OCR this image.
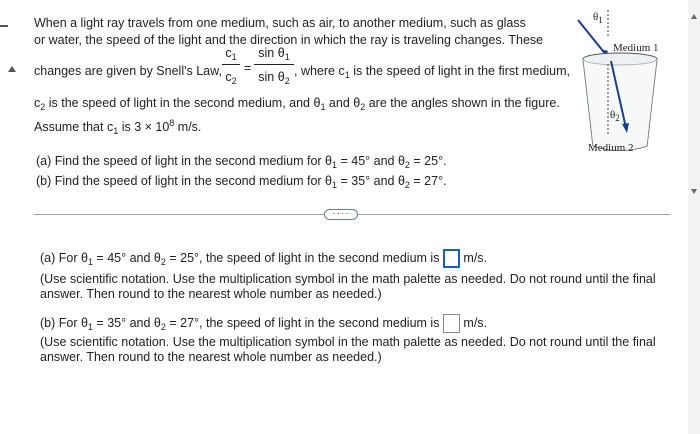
When a light ray travels from one medium, such as air, to another medium, such as glass
or water, the speed of the light and the direction in which the ray is traveling changes. These
changes are given by Snell's Law,
$c_1$
$c_2$
=
$\sin \theta_1$
$\sin \theta_2$
, where $c_1$ is the speed of light in the first medium,
$c_2$ is the speed of light in the second medium, and $\theta_1$ and $\theta_2$ are the angles shown in the figure.
Assume that $c_1$ is $3 \times 10^8$ m/s.
(a) Find the speed of light in the second medium for $\theta_1 = 45^\circ$ and $\theta_2 = 25^\circ$.
(b) Find the speed of light in the second medium for $\theta_1 = 35^\circ$ and $\theta_2 = 27^\circ$.
$\theta_1$
Medium 1
$\theta_2$
Medium 2
····
(a) For $\theta_1 = 45^\circ$ and $\theta_2 = 25^\circ$, the speed of light in the second medium is m/s.
(Use scientific notation. Use the multiplication symbol in the math palette as needed. Do not round until the final
answer. Then round to the nearest whole number as needed.)
(b) For $\theta_1 = 35^\circ$ and $\theta_2 = 27^\circ$, the speed of light in the second medium is m/s.
(Use scientific notation. Use the multiplication symbol in the math palette as needed. Do not round until the final
answer. Then round to the nearest whole number as needed.)
